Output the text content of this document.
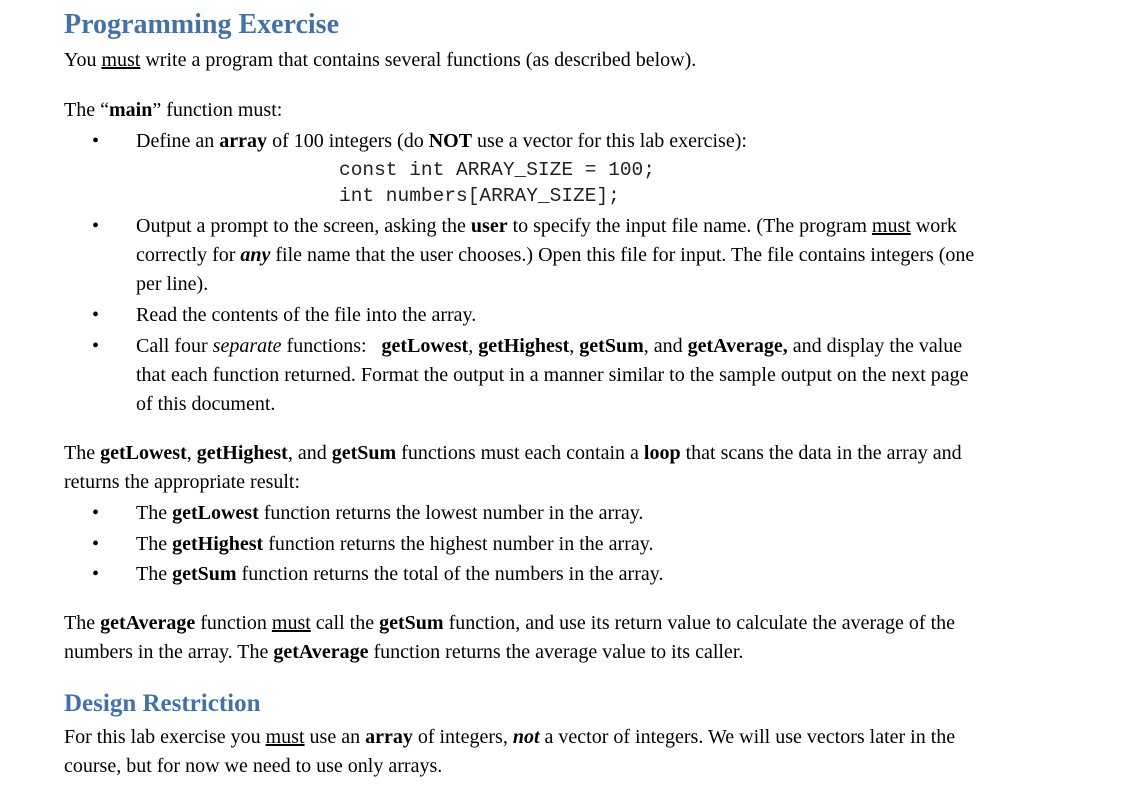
Programming Exercise

You must write a program that contains several functions (as described below).

The “main” function must:

•	Define an array of 100 integers (do NOT use a vector for this lab exercise):
const int ARRAY_SIZE = 100;
int numbers[ARRAY_SIZE];
•	Output a prompt to the screen, asking the user to specify the input file name. (The program must work
correctly for any file name that the user chooses.) Open this file for input. The file contains integers (one
per line).
•	Read the contents of the file into the array.
•	Call four separate functions:   getLowest, getHighest, getSum, and getAverage, and display the value
that each function returned. Format the output in a manner similar to the sample output on the next page
of this document.

The getLowest, getHighest, and getSum functions must each contain a loop that scans the data in the array and

returns the appropriate result:

•	The getLowest function returns the lowest number in the array.
•	The getHighest function returns the highest number in the array.
•	The getSum function returns the total of the numbers in the array.

The getAverage function must call the getSum function, and use its return value to calculate the average of the

numbers in the array. The getAverage function returns the average value to its caller.

Design Restriction

For this lab exercise you must use an array of integers, not a vector of integers. We will use vectors later in the

course, but for now we need to use only arrays.
